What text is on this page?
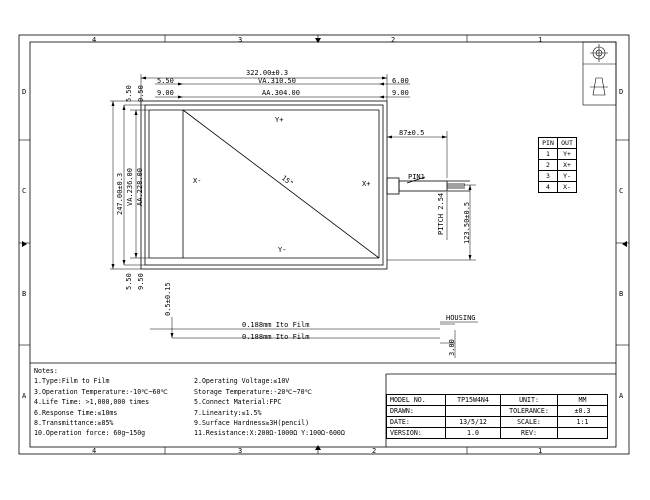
4	3	2	1
4	3	2	1
D
C
B
A
D
C
B
A
322.00±0.3
VA.310.50
AA.304.00
5.50
9.00
6.00
9.00
87±0.5
5.50 9.50
5.50 9.50
247.00±0.3 VA.236.00 AA.228.00
PITCH 2.54	123.50±0.5
0.5±0.15
3.00
Y+
Y-
X-	X+
15"	PIN1
0.188mm Ito Film
0.188mm Ito Film
HOUSING
PIN	OUT
1	Y+
2	X+
3	Y-
4	X-
Notes:
1.Type:Film to Film	2.Operating Voltage:≤10V
3.Operation Temperature:-10℃~60℃	Storage Temperature:-20℃~70℃
4.Life Time: >1,000,000 times	5.Connect Material:FPC
6.Response Time:≤10ms	7.Linearity:≤1.5%
8.Transmittance:≥85%	9.Surface Hardness≥3H(pencil)
10.Operation force: 60g~150g	11.Resistance:X:200Ω-1000Ω Y:100Ω-600Ω
MODEL NO.	TP15W4N4	UNIT:	MM
DRAWN:		TOLERANCE:	±0.3
DATE:	13/5/12	SCALE:	1:1
VERSION:	1.0	REV:	
